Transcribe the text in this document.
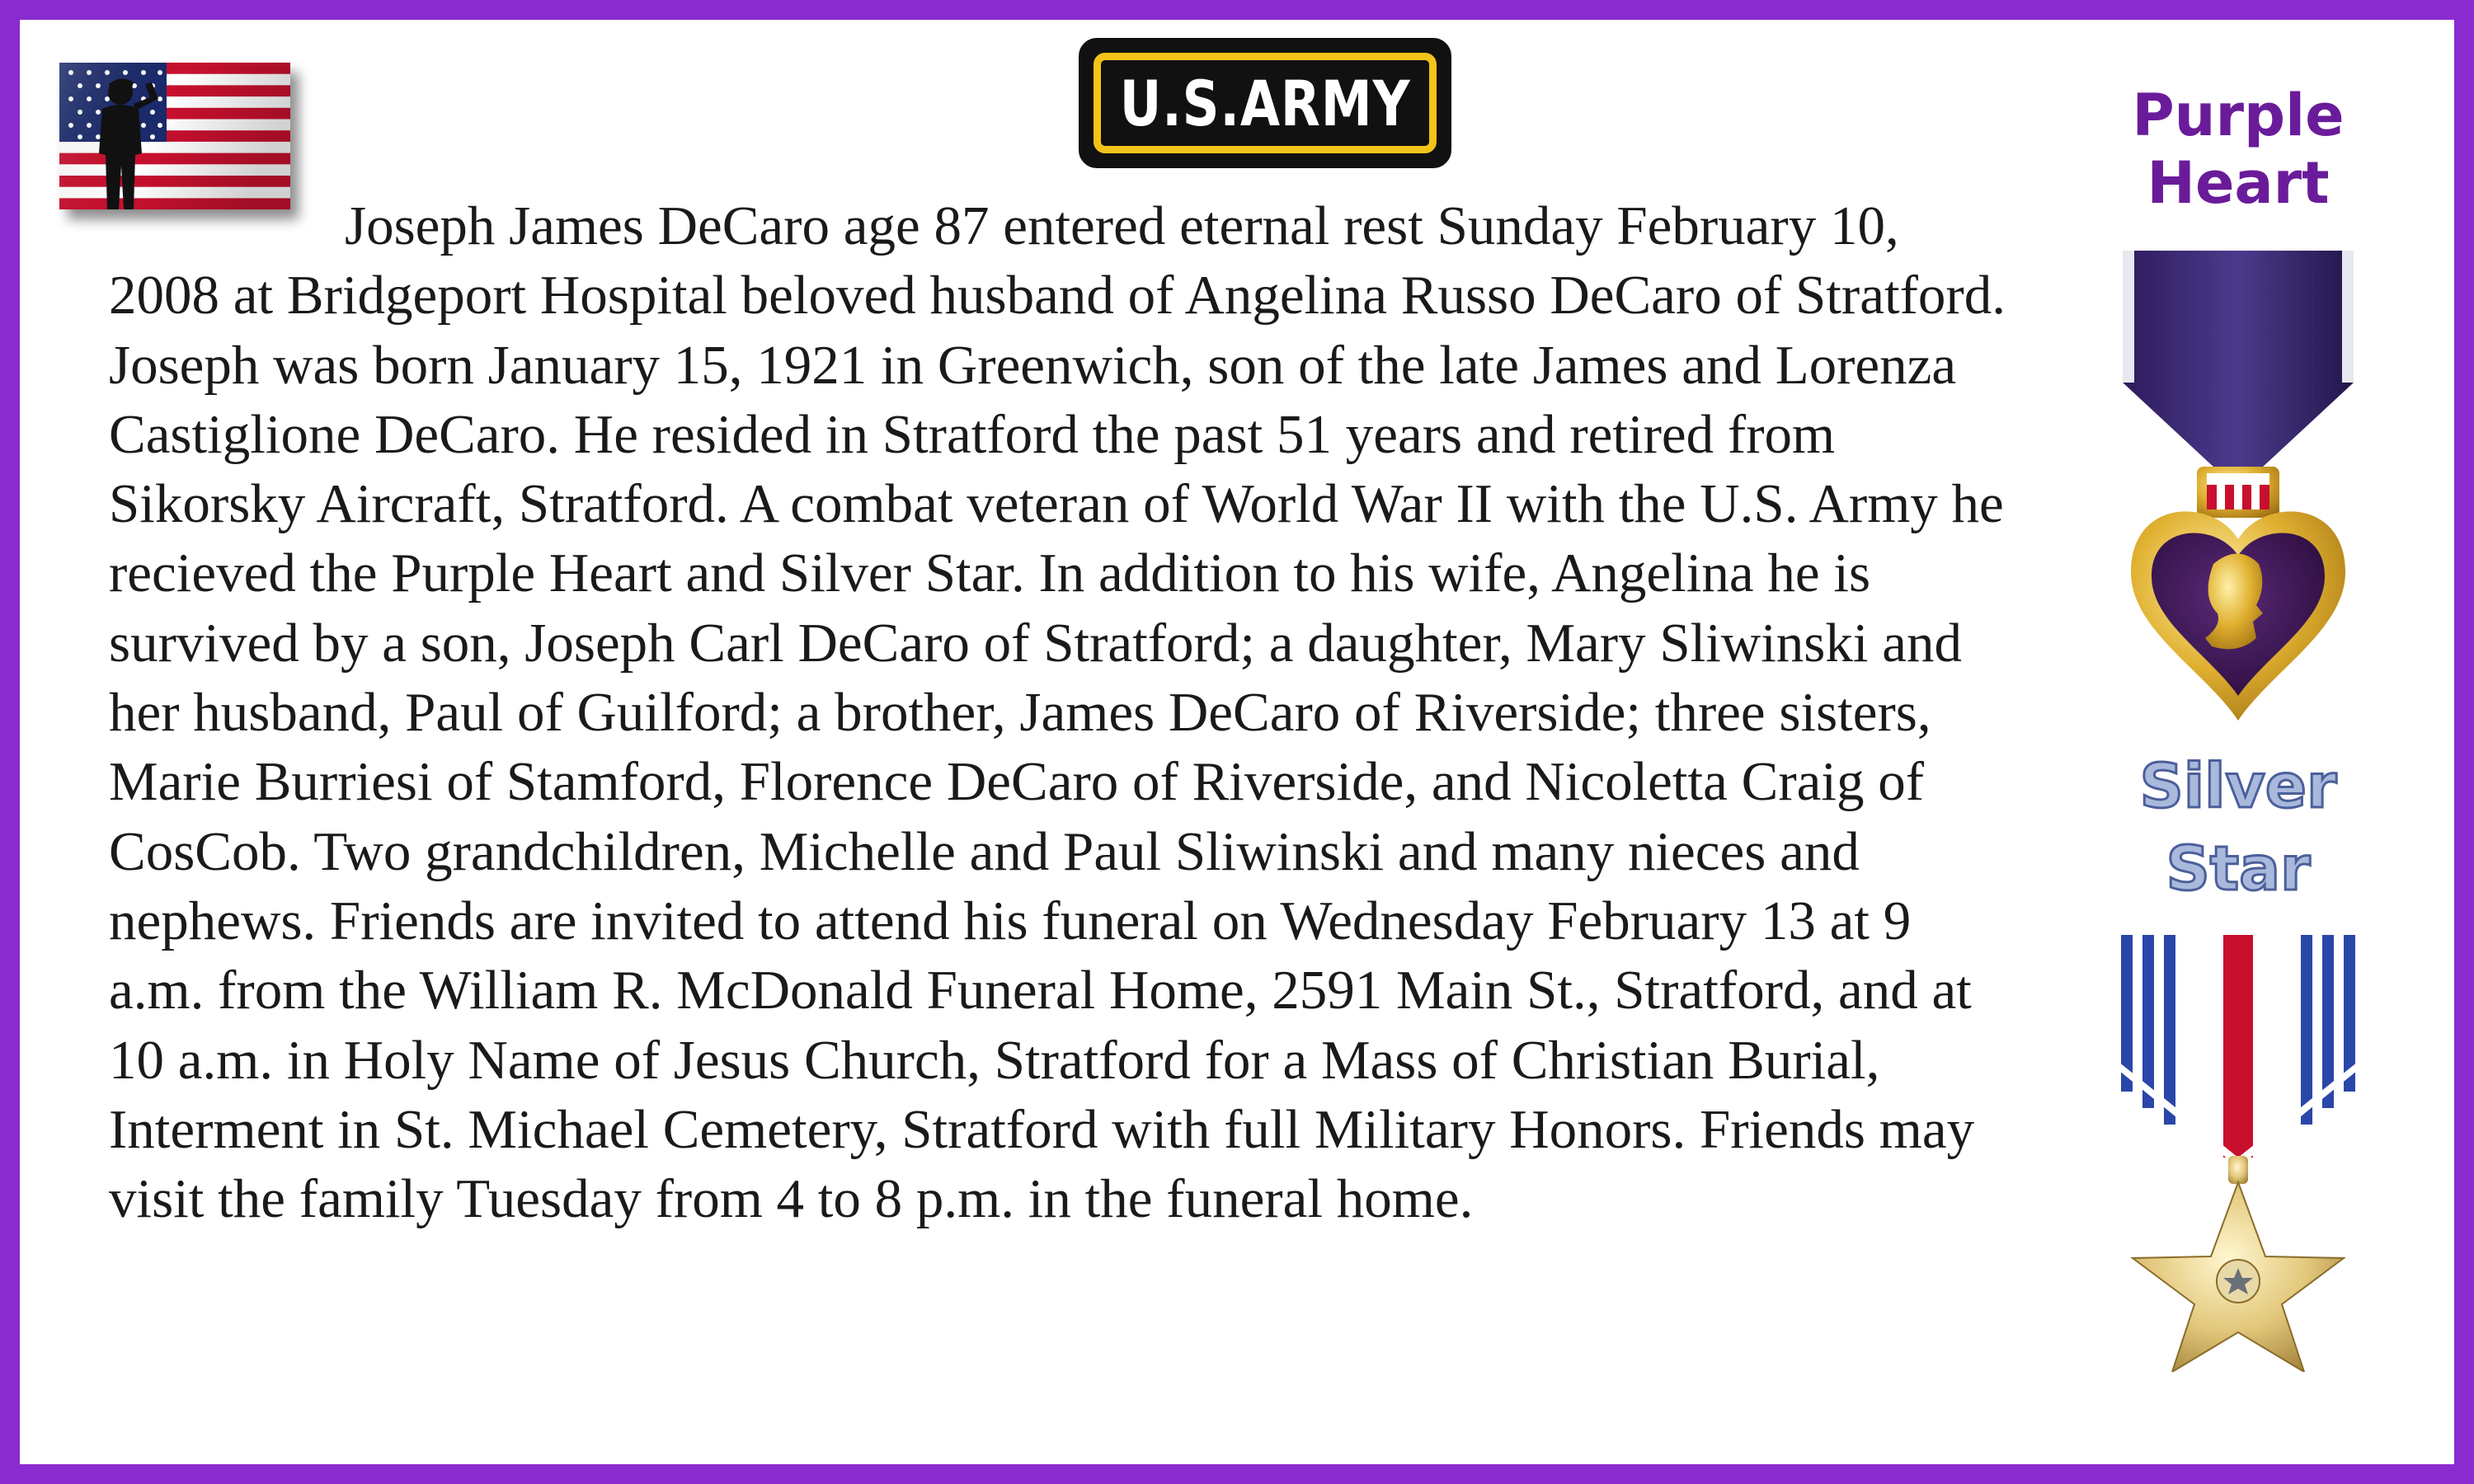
U.S.ARMY

Joseph James DeCaro age 87 entered eternal rest Sunday February 10, 2008 at Bridgeport Hospital beloved husband of Angelina Russo DeCaro of Stratford. Joseph was born January 15, 1921 in Greenwich, son of the late James and Lorenza Castiglione DeCaro. He resided in Stratford the past 51 years and retired from Sikorsky Aircraft, Stratford. A combat veteran of World War II with the U.S. Army he recieved the Purple Heart and Silver Star. In addition to his wife, Angelina he is survived by a son, Joseph Carl DeCaro of Stratford; a daughter, Mary Sliwinski and her husband, Paul of Guilford; a brother, James DeCaro of Riverside; three sisters, Marie Burriesi of Stamford, Florence DeCaro of Riverside, and Nicoletta Craig of CosCob. Two grandchildren, Michelle and Paul Sliwinski and many nieces and nephews. Friends are invited to attend his funeral on Wednesday February 13 at 9 a.m. from the William R. McDonald Funeral Home, 2591 Main St., Stratford, and at 10 a.m. in Holy Name of Jesus Church, Stratford for a Mass of Christian Burial, Interment in St. Michael Cemetery, Stratford with full Military Honors. Friends may visit the family Tuesday from 4 to 8 p.m. in the funeral home.

Purple
Heart
Silver
Star
